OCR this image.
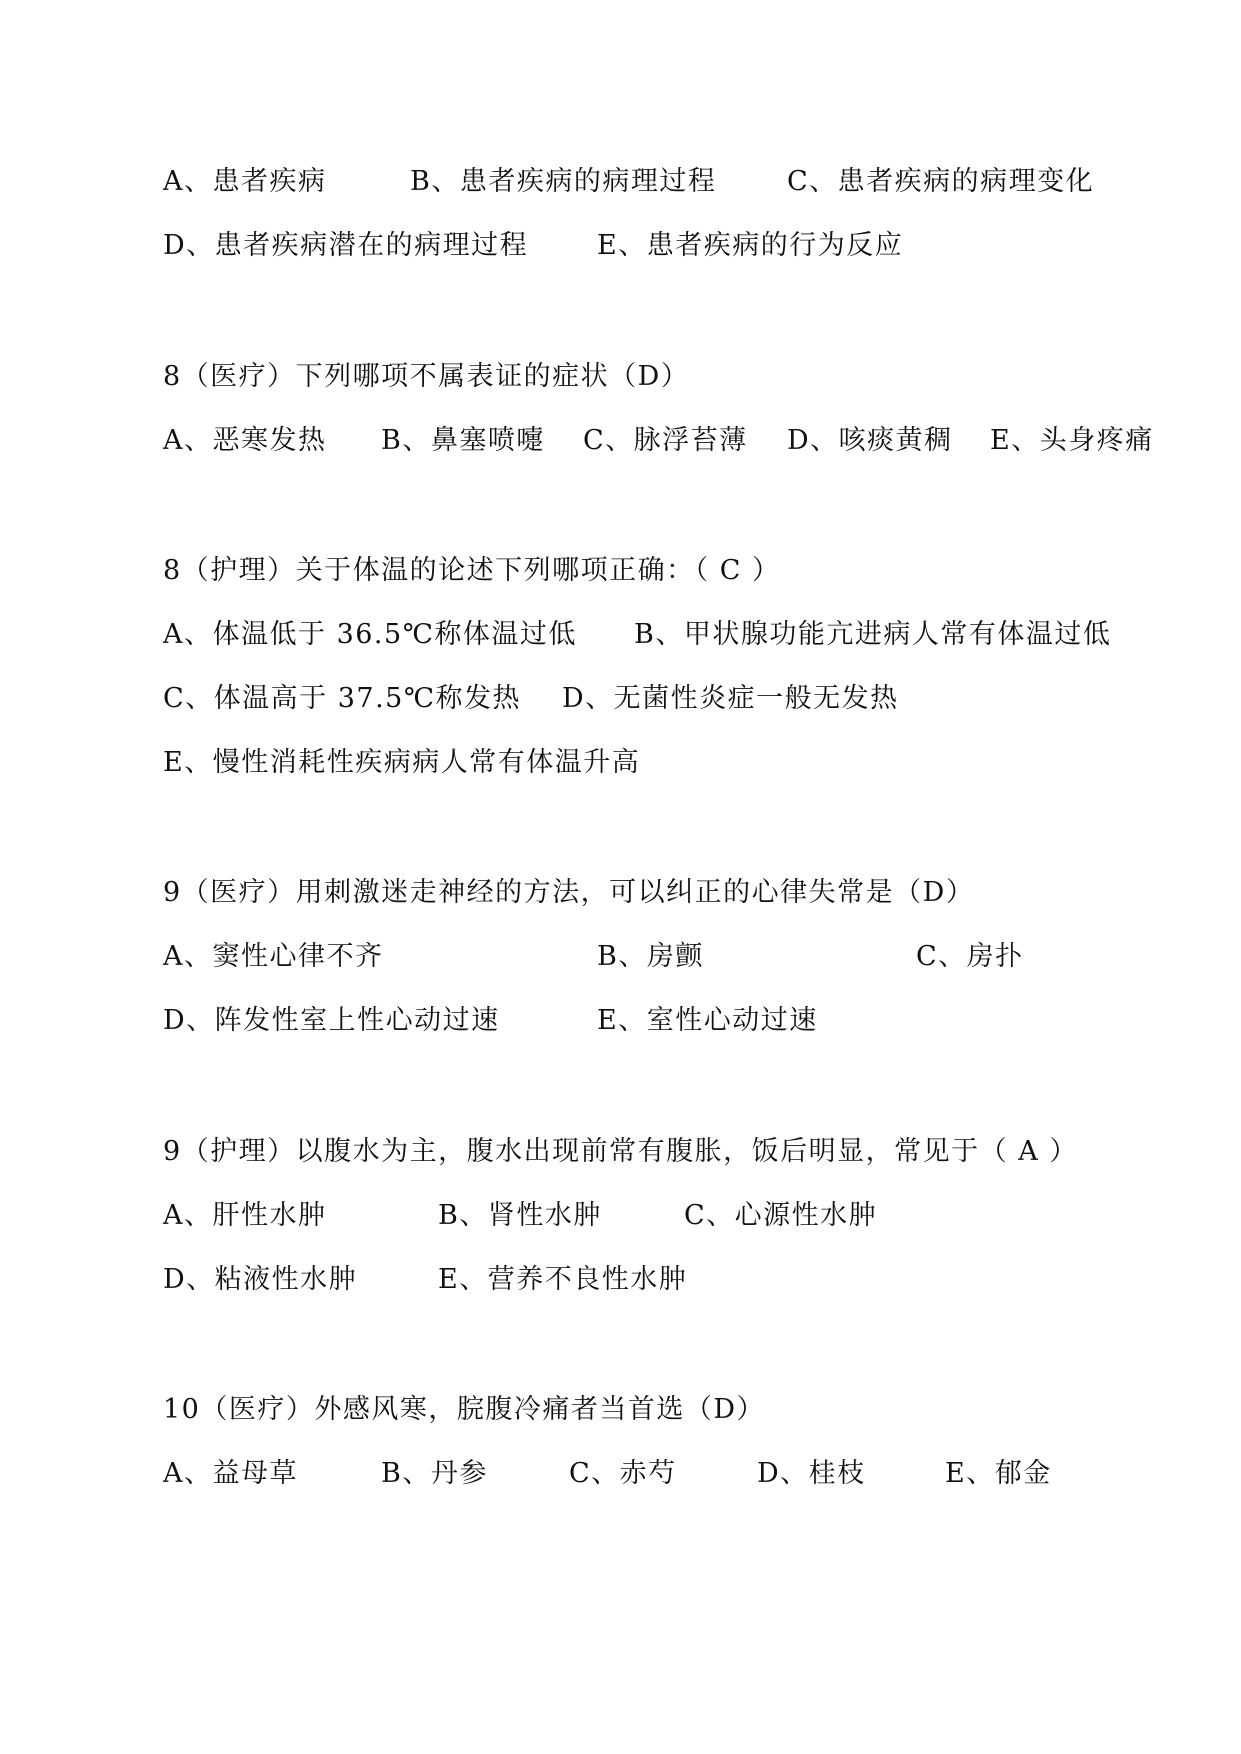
A、患者疾病	B、患者疾病的病理过程	C、患者疾病的病理变化
D、患者疾病潜在的病理过程	E、患者疾病的行为反应
8（医疗）下列哪项不属表证的症状（D）
A、恶寒发热 B、鼻塞喷嚏 C、脉浮苔薄 D、咳痰黄稠 E、头身疼痛
8（护理）关于体温的论述下列哪项正确：（ C ）
A、体温低于 36.5℃称体温过低 B、甲状腺功能亢进病人常有体温过低
C、体温高于 37.5℃称发热 D、无菌性炎症一般无发热
E、慢性消耗性疾病病人常有体温升高
9（医疗）用刺激迷走神经的方法，可以纠正的心律失常是（D）
A、窦性心律不齐	B、房颤	C、房扑
D、阵发性室上性心动过速	E、室性心动过速
9（护理）以腹水为主，腹水出现前常有腹胀，饭后明显，常见于（ A ）
A、肝性水肿	B、肾性水肿	C、心源性水肿
D、粘液性水肿	E、营养不良性水肿
10（医疗）外感风寒，脘腹冷痛者当首选（D）
A、益母草	B、丹参	C、赤芍	D、桂枝	E、郁金
